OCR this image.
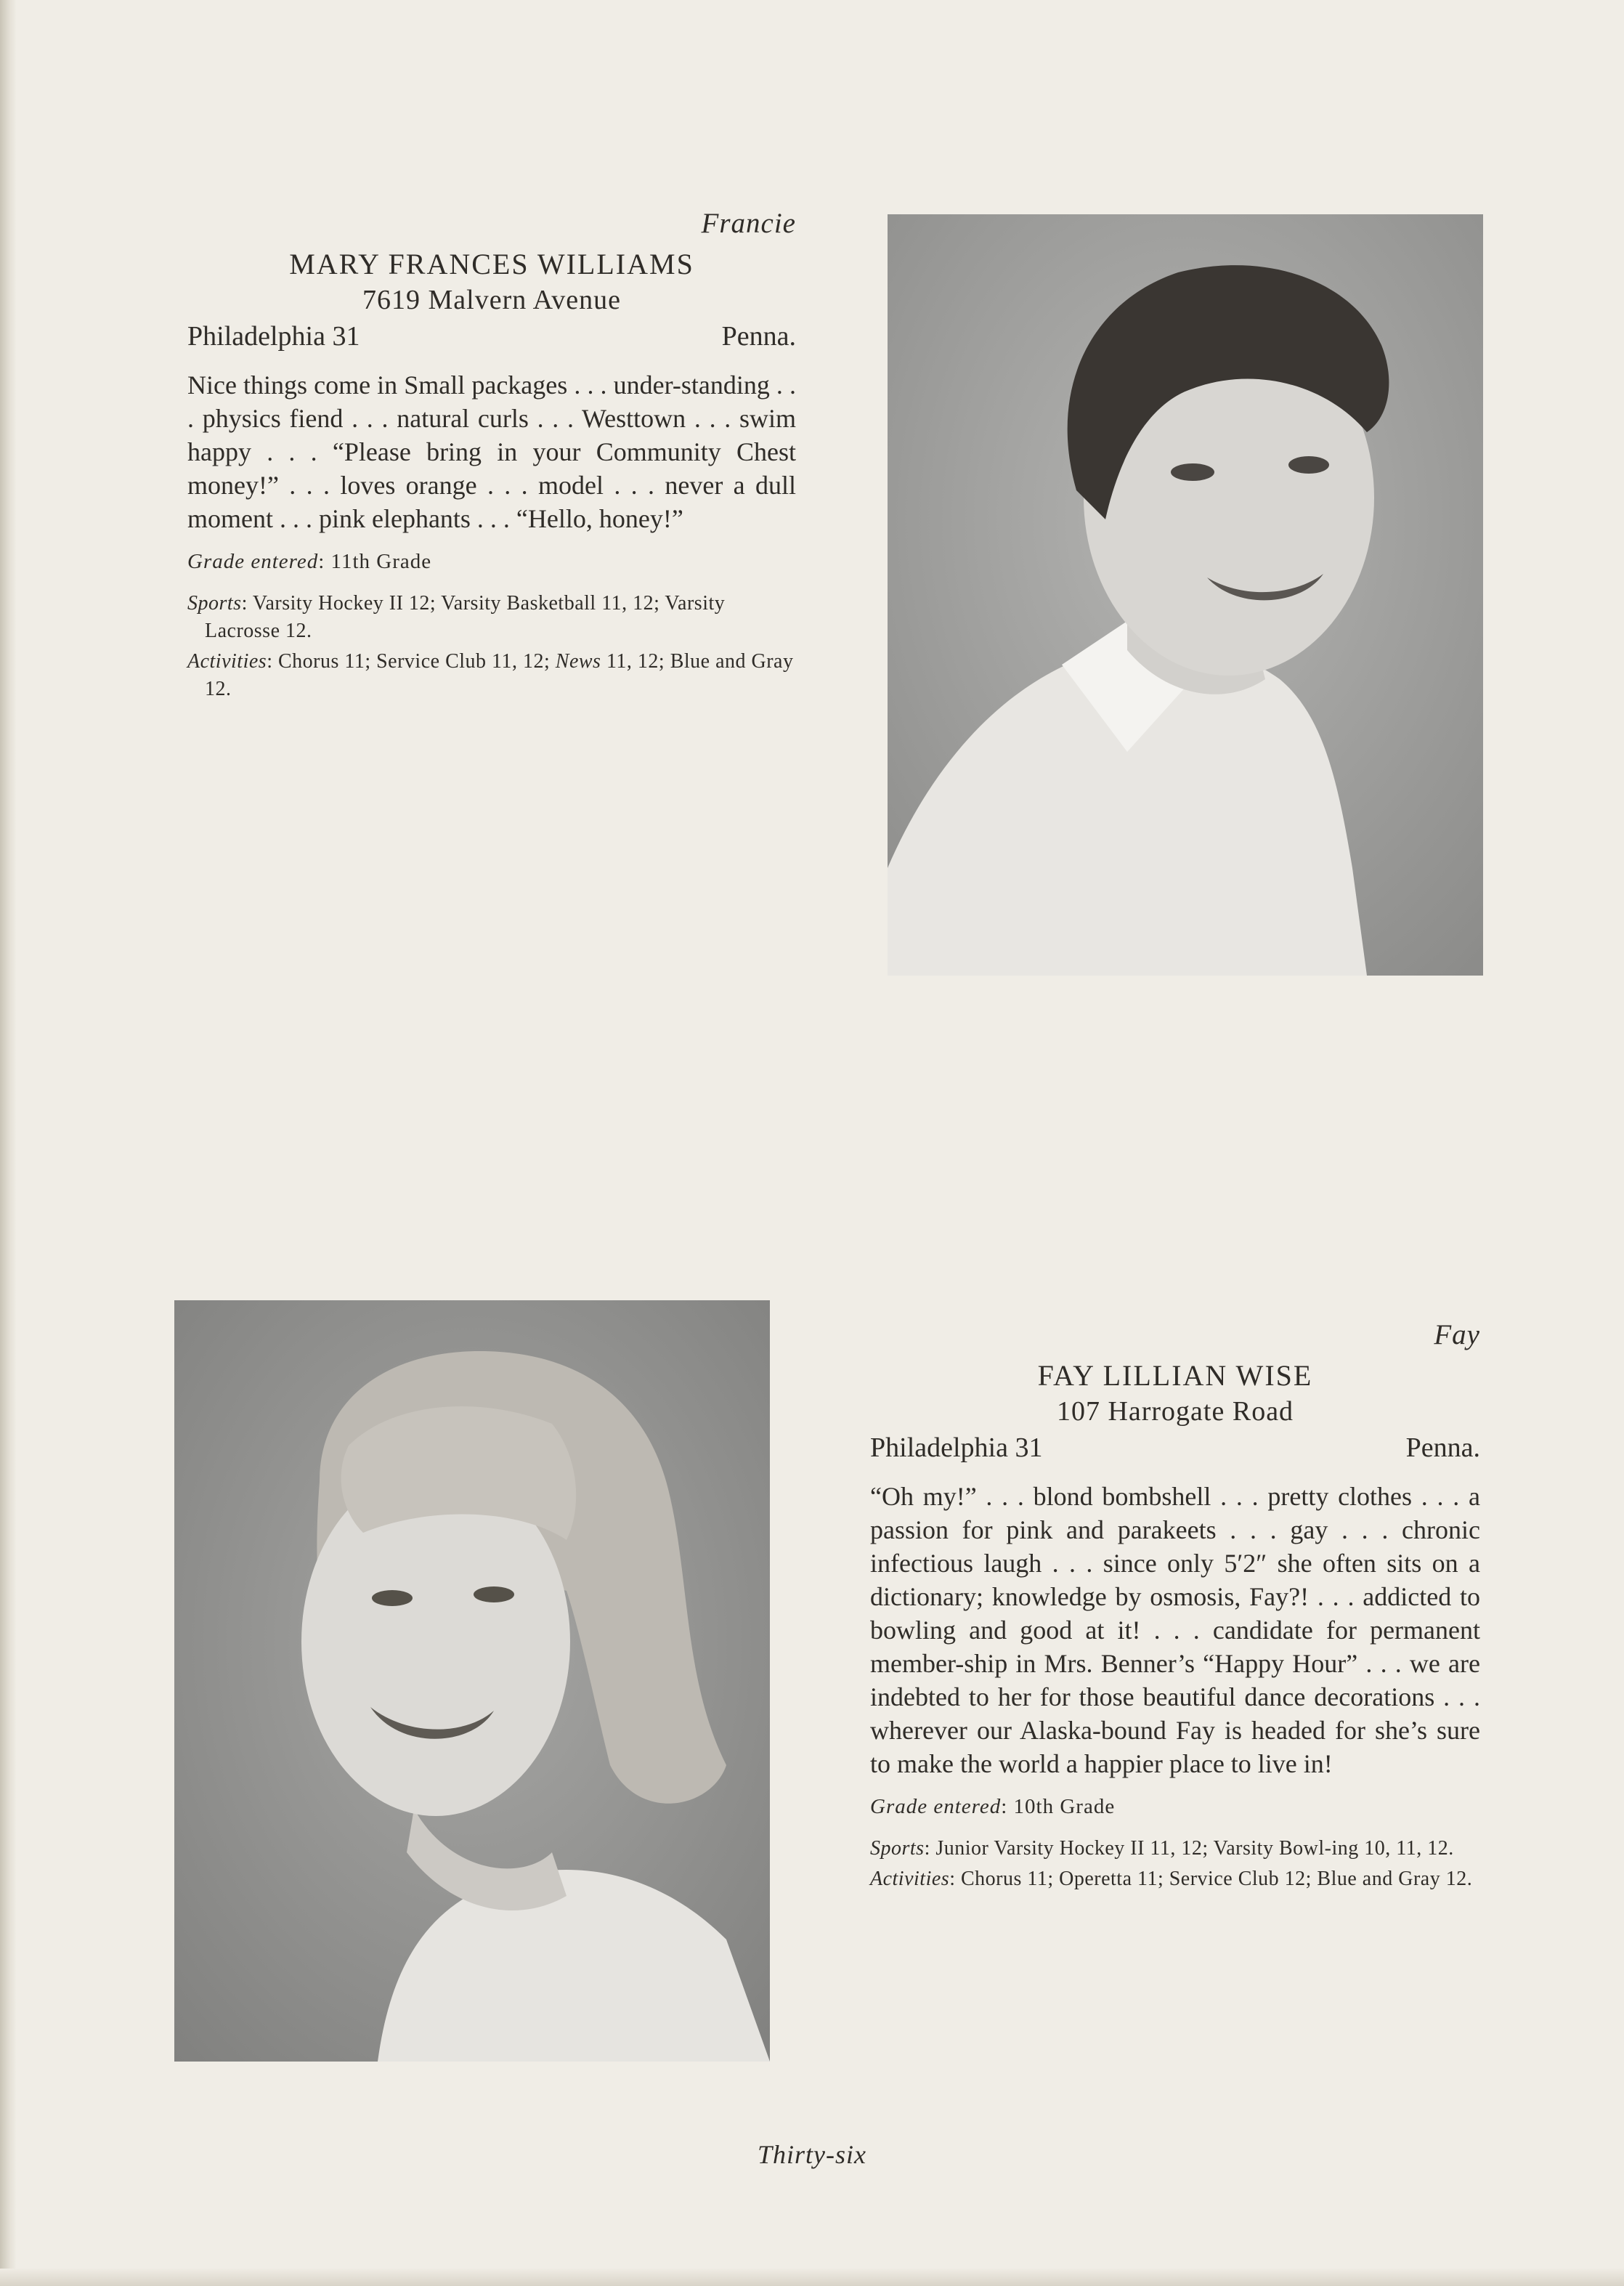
Francie
MARY FRANCES WILLIAMS
7619 Malvern Avenue
Philadelphia 31	Penna.
Nice things come in Small packages . . . under-standing . . . physics fiend . . . natural curls . . . Westtown . . . swim happy . . . “Please bring in your Community Chest money!” . . . loves orange . . . model . . . never a dull moment . . . pink elephants . . . “Hello, honey!”
Grade entered: 11th Grade
Sports: Varsity Hockey II 12; Varsity Basketball 11, 12; Varsity Lacrosse 12.
Activities: Chorus 11; Service Club 11, 12; News 11, 12; Blue and Gray 12.
Fay
FAY LILLIAN WISE
107 Harrogate Road
Philadelphia 31	Penna.
“Oh my!” . . . blond bombshell . . . pretty clothes . . . a passion for pink and parakeets . . . gay . . . chronic infectious laugh . . . since only 5′2″ she often sits on a dictionary; knowledge by osmosis, Fay?! . . . addicted to bowling and good at it! . . . candidate for permanent member-ship in Mrs. Benner’s “Happy Hour” . . . we are indebted to her for those beautiful dance decorations . . . wherever our Alaska-bound Fay is headed for she’s sure to make the world a happier place to live in!
Grade entered: 10th Grade
Sports: Junior Varsity Hockey II 11, 12; Varsity Bowl-ing 10, 11, 12.
Activities: Chorus 11; Operetta 11; Service Club 12; Blue and Gray 12.
Thirty-six
